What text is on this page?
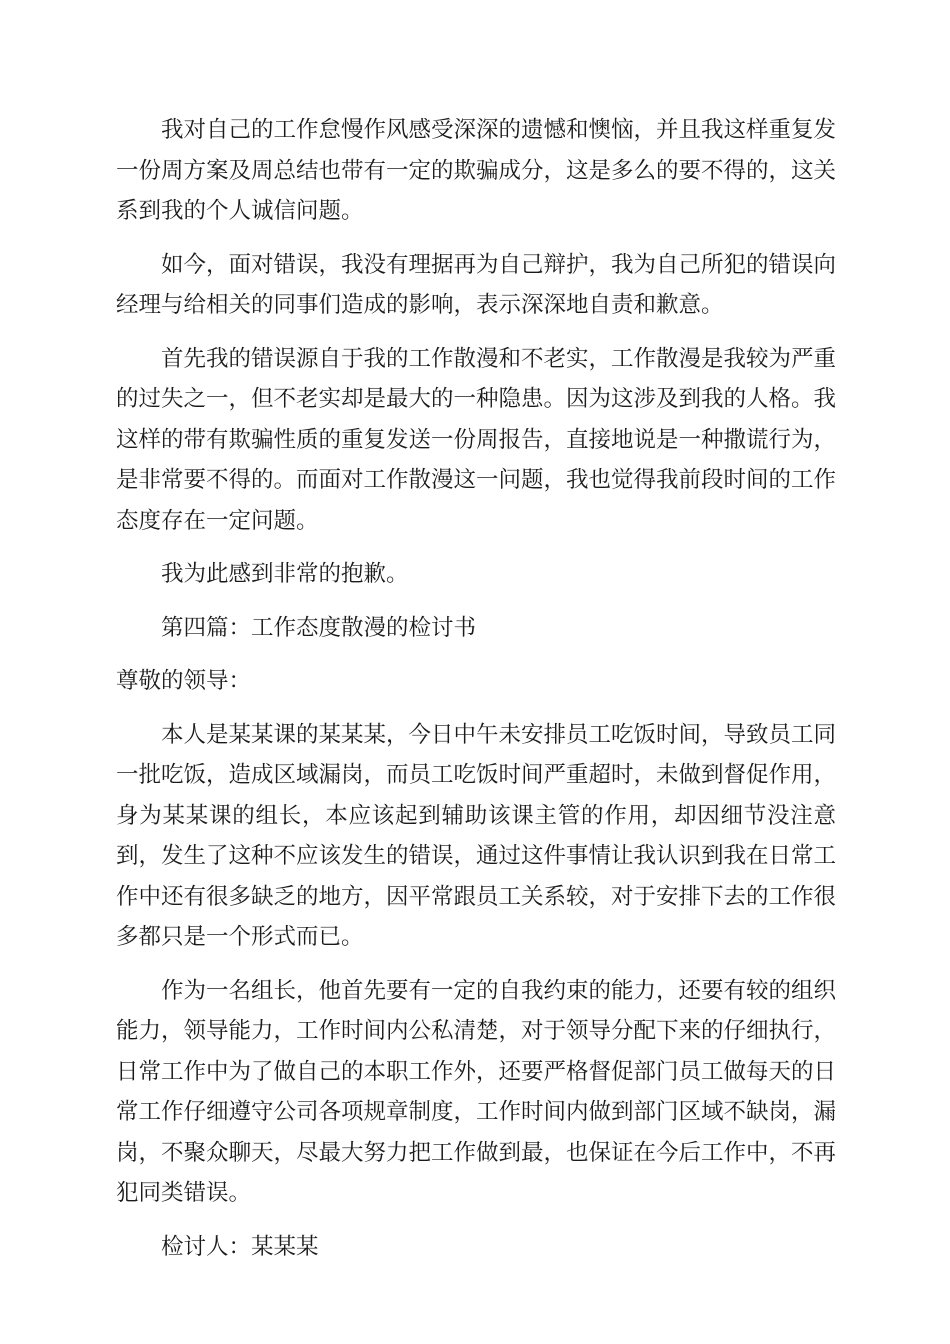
我对自己的工作怠慢作风感受深深的遗憾和懊恼，并且我这样重复发一份周方案及周总结也带有一定的欺骗成分，这是多么的要不得的，这关系到我的个人诚信问题。

如今，面对错误，我没有理据再为自己辩护，我为自己所犯的错误向经理与给相关的同事们造成的影响，表示深深地自责和歉意。

首先我的错误源自于我的工作散漫和不老实，工作散漫是我较为严重的过失之一，但不老实却是最大的一种隐患。因为这涉及到我的人格。我这样的带有欺骗性质的重复发送一份周报告，直接地说是一种撒谎行为，是非常要不得的。而面对工作散漫这一问题，我也觉得我前段时间的工作态度存在一定问题。

我为此感到非常的抱歉。

第四篇：工作态度散漫的检讨书

尊敬的领导：

本人是某某课的某某某，今日中午未安排员工吃饭时间，导致员工同一批吃饭，造成区域漏岗，而员工吃饭时间严重超时，未做到督促作用，身为某某课的组长，本应该起到辅助该课主管的作用，却因细节没注意到，发生了这种不应该发生的错误，通过这件事情让我认识到我在日常工作中还有很多缺乏的地方，因平常跟员工关系较，对于安排下去的工作很多都只是一个形式而已。

作为一名组长，他首先要有一定的自我约束的能力，还要有较的组织能力，领导能力，工作时间内公私清楚，对于领导分配下来的仔细执行，日常工作中为了做自己的本职工作外，还要严格督促部门员工做每天的日常工作仔细遵守公司各项规章制度，工作时间内做到部门区域不缺岗，漏岗，不聚众聊天，尽最大努力把工作做到最，也保证在今后工作中，不再犯同类错误。

检讨人：某某某
